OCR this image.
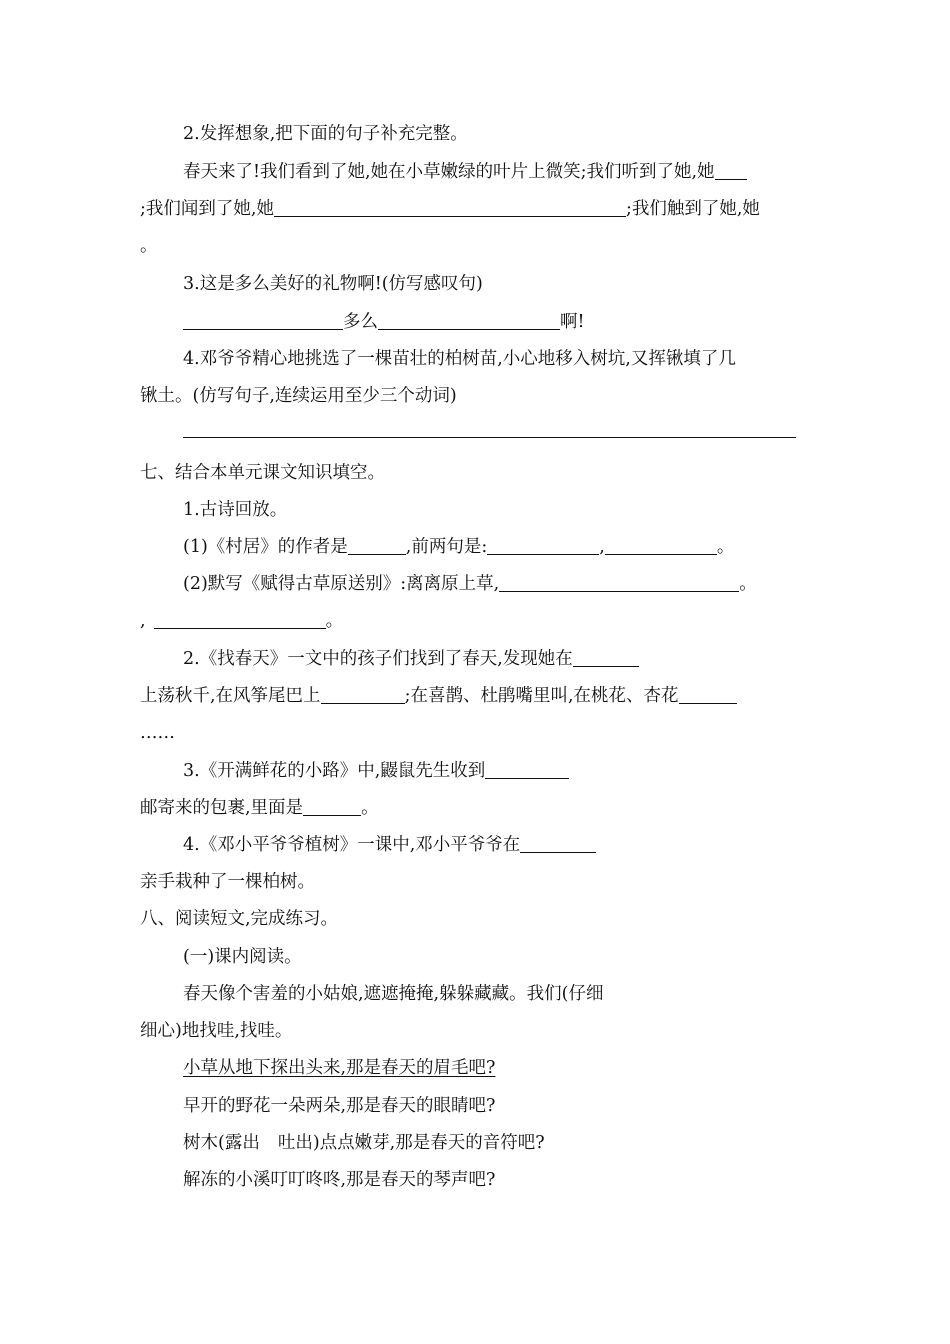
2.发挥想象,把下面的句子补充完整。
春天来了!我们看到了她,她在小草嫩绿的叶片上微笑;我们听到了她,她
;我们闻到了她,她	;我们触到了她,她
。
3.这是多么美好的礼物啊!(仿写感叹句)
多么	啊!
4.邓爷爷精心地挑选了一棵苗壮的柏树苗,小心地移入树坑,又挥锹填了几
锹土。(仿写句子,连续运用至少三个动词)
七、结合本单元课文知识填空。
1.古诗回放。
(1)《村居》的作者是	,前两句是:	,	。
(2)默写《赋得古草原送别》:离离原上草,	。
,	。
2.《找春天》一文中的孩子们找到了春天,发现她在
上荡秋千,在风筝尾巴上	;在喜鹊、杜鹃嘴里叫,在桃花、杏花
……
3.《开满鲜花的小路》中,鼹鼠先生收到
邮寄来的包裹,里面是	。
4.《邓小平爷爷植树》一课中,邓小平爷爷在
亲手栽种了一棵柏树。
八、阅读短文,完成练习。
(一)课内阅读。
春天像个害羞的小姑娘,遮遮掩掩,躲躲藏藏。我们(仔细
细心)地找哇,找哇。
小草从地下探出头来,那是春天的眉毛吧?
早开的野花一朵两朵,那是春天的眼睛吧?
树木(露出 吐出)点点嫩芽,那是春天的音符吧?
解冻的小溪叮叮咚咚,那是春天的琴声吧?
